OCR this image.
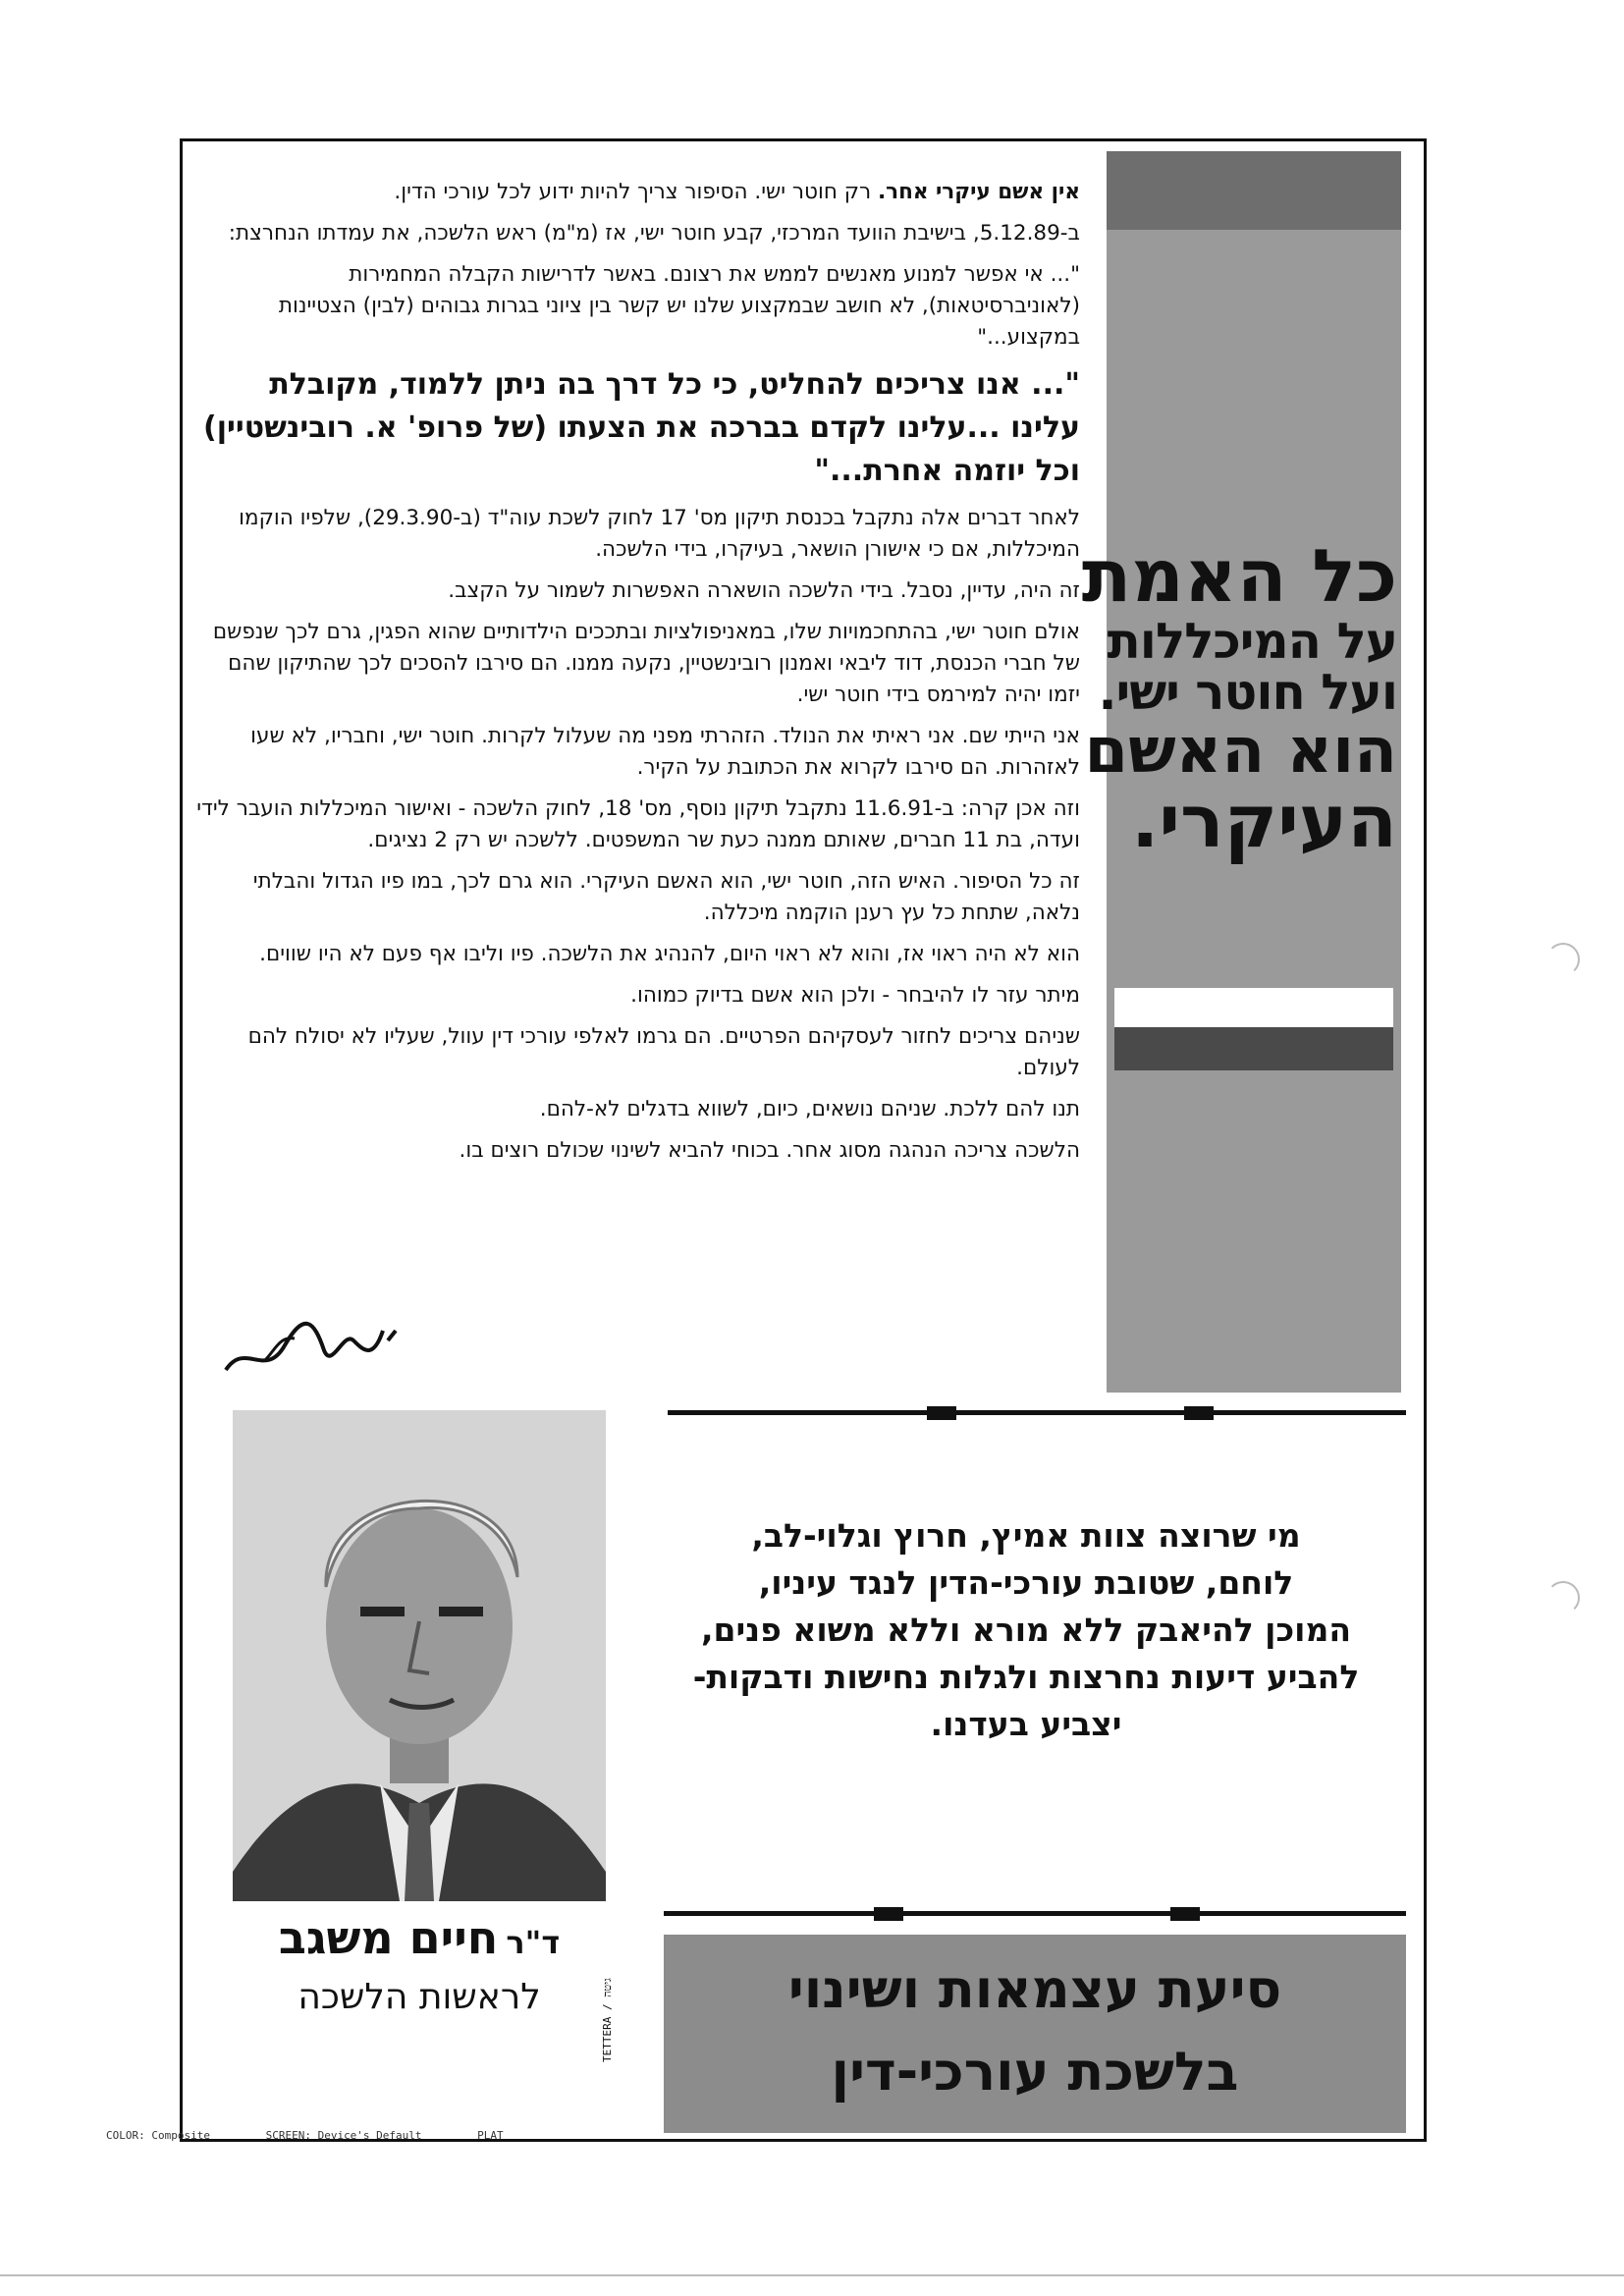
כל האמת
על המיכללות
ועל חוטר ישי.
הוא האשם
העיקרי.

אין אשם עיקרי אחר. רק חוטר ישי. הסיפור צריך להיות ידוע לכל עורכי הדין.

ב-5.12.89, בישיבת הוועד המרכזי, קבע חוטר ישי, אז (מ"מ) ראש הלשכה, את עמדתו הנחרצת:

"... אי אפשר למנוע מאנשים לממש את רצונם. באשר לדרישות הקבלה המחמירות (לאוניברסיטאות), לא חושב שבמקצוע שלנו יש קשר בין ציוני בגרות גבוהים (לבין) הצטיינות במקצוע..."

"... אנו צריכים להחליט, כי כל דרך בה ניתן ללמוד, מקובלת עלינו ...עלינו לקדם בברכה את הצעתו (של פרופ' א. רובינשטיין) וכל יוזמה אחרת..."

לאחר דברים אלה נתקבל בכנסת תיקון מס' 17 לחוק לשכת עוה"ד (ב-29.3.90), שלפיו הוקמו המיכללות, אם כי אישורן הושאר, בעיקרו, בידי הלשכה.

זה היה, עדיין, נסבל. בידי הלשכה הושארה האפשרות לשמור על הקצב.

אולם חוטר ישי, בהתחכמויות שלו, במאניפולציות ובתככים הילדותיים שהוא הפגין, גרם לכך שנפשם של חברי הכנסת, דוד ליבאי ואמנון רובינשטיין, נקעה ממנו. הם סירבו להסכים לכך שהתיקון שהם יזמו יהיה למירמס בידי חוטר ישי.

אני הייתי שם. אני ראיתי את הנולד. הזהרתי מפני מה שעלול לקרות. חוטר ישי, וחבריו, לא שעו לאזהרות. הם סירבו לקרוא את הכתובת על הקיר.

וזה אכן קרה: ב-11.6.91 נתקבל תיקון נוסף, מס' 18, לחוק הלשכה - ואישור המיכללות הועבר לידי ועדה, בת 11 חברים, שאותם ממנה כעת שר המשפטים. ללשכה יש רק 2 נציגים.

זה כל הסיפור. האיש הזה, חוטר ישי, הוא האשם העיקרי. הוא גרם לכך, במו פיו הגדול והבלתי נלאה, שתחת כל עץ רענן הוקמה מיכללה.

הוא לא היה ראוי אז, והוא לא ראוי היום, להנהיג את הלשכה. פיו וליבו אף פעם לא היו שווים.

מיתר עזר לו להיבחר - ולכן הוא אשם בדיוק כמוהו.

שניהם צריכים לחזור לעסקיהם הפרטיים. הם גרמו לאלפי עורכי דין עוול, שעליו לא יסולח להם לעולם.

תנו להם ללכת. שניהם נושאים, כיום, לשווא בדגלים לא-להם.

הלשכה צריכה הנהגה מסוג אחר. בכוחי להביא לשינוי שכולם רוצים בו.

ד"רחיים משגב
לראשות הלשכה
מי שרוצה צוות אמיץ, חרוץ וגלוי-לב,
לוחם, שטובת עורכי-הדין לנגד עיניו,
המוכן להיאבק ללא מורא וללא משוא פנים,
להביע דיעות נחרצות ולגלות נחישות ודבקות-
יצביע בעדנו.
סיעת עצמאות ושינוי
בלשכת עורכי-דין
TETTERA / גיטה
COLOR: Composite	SCREEN: Device's Default	PLAT
